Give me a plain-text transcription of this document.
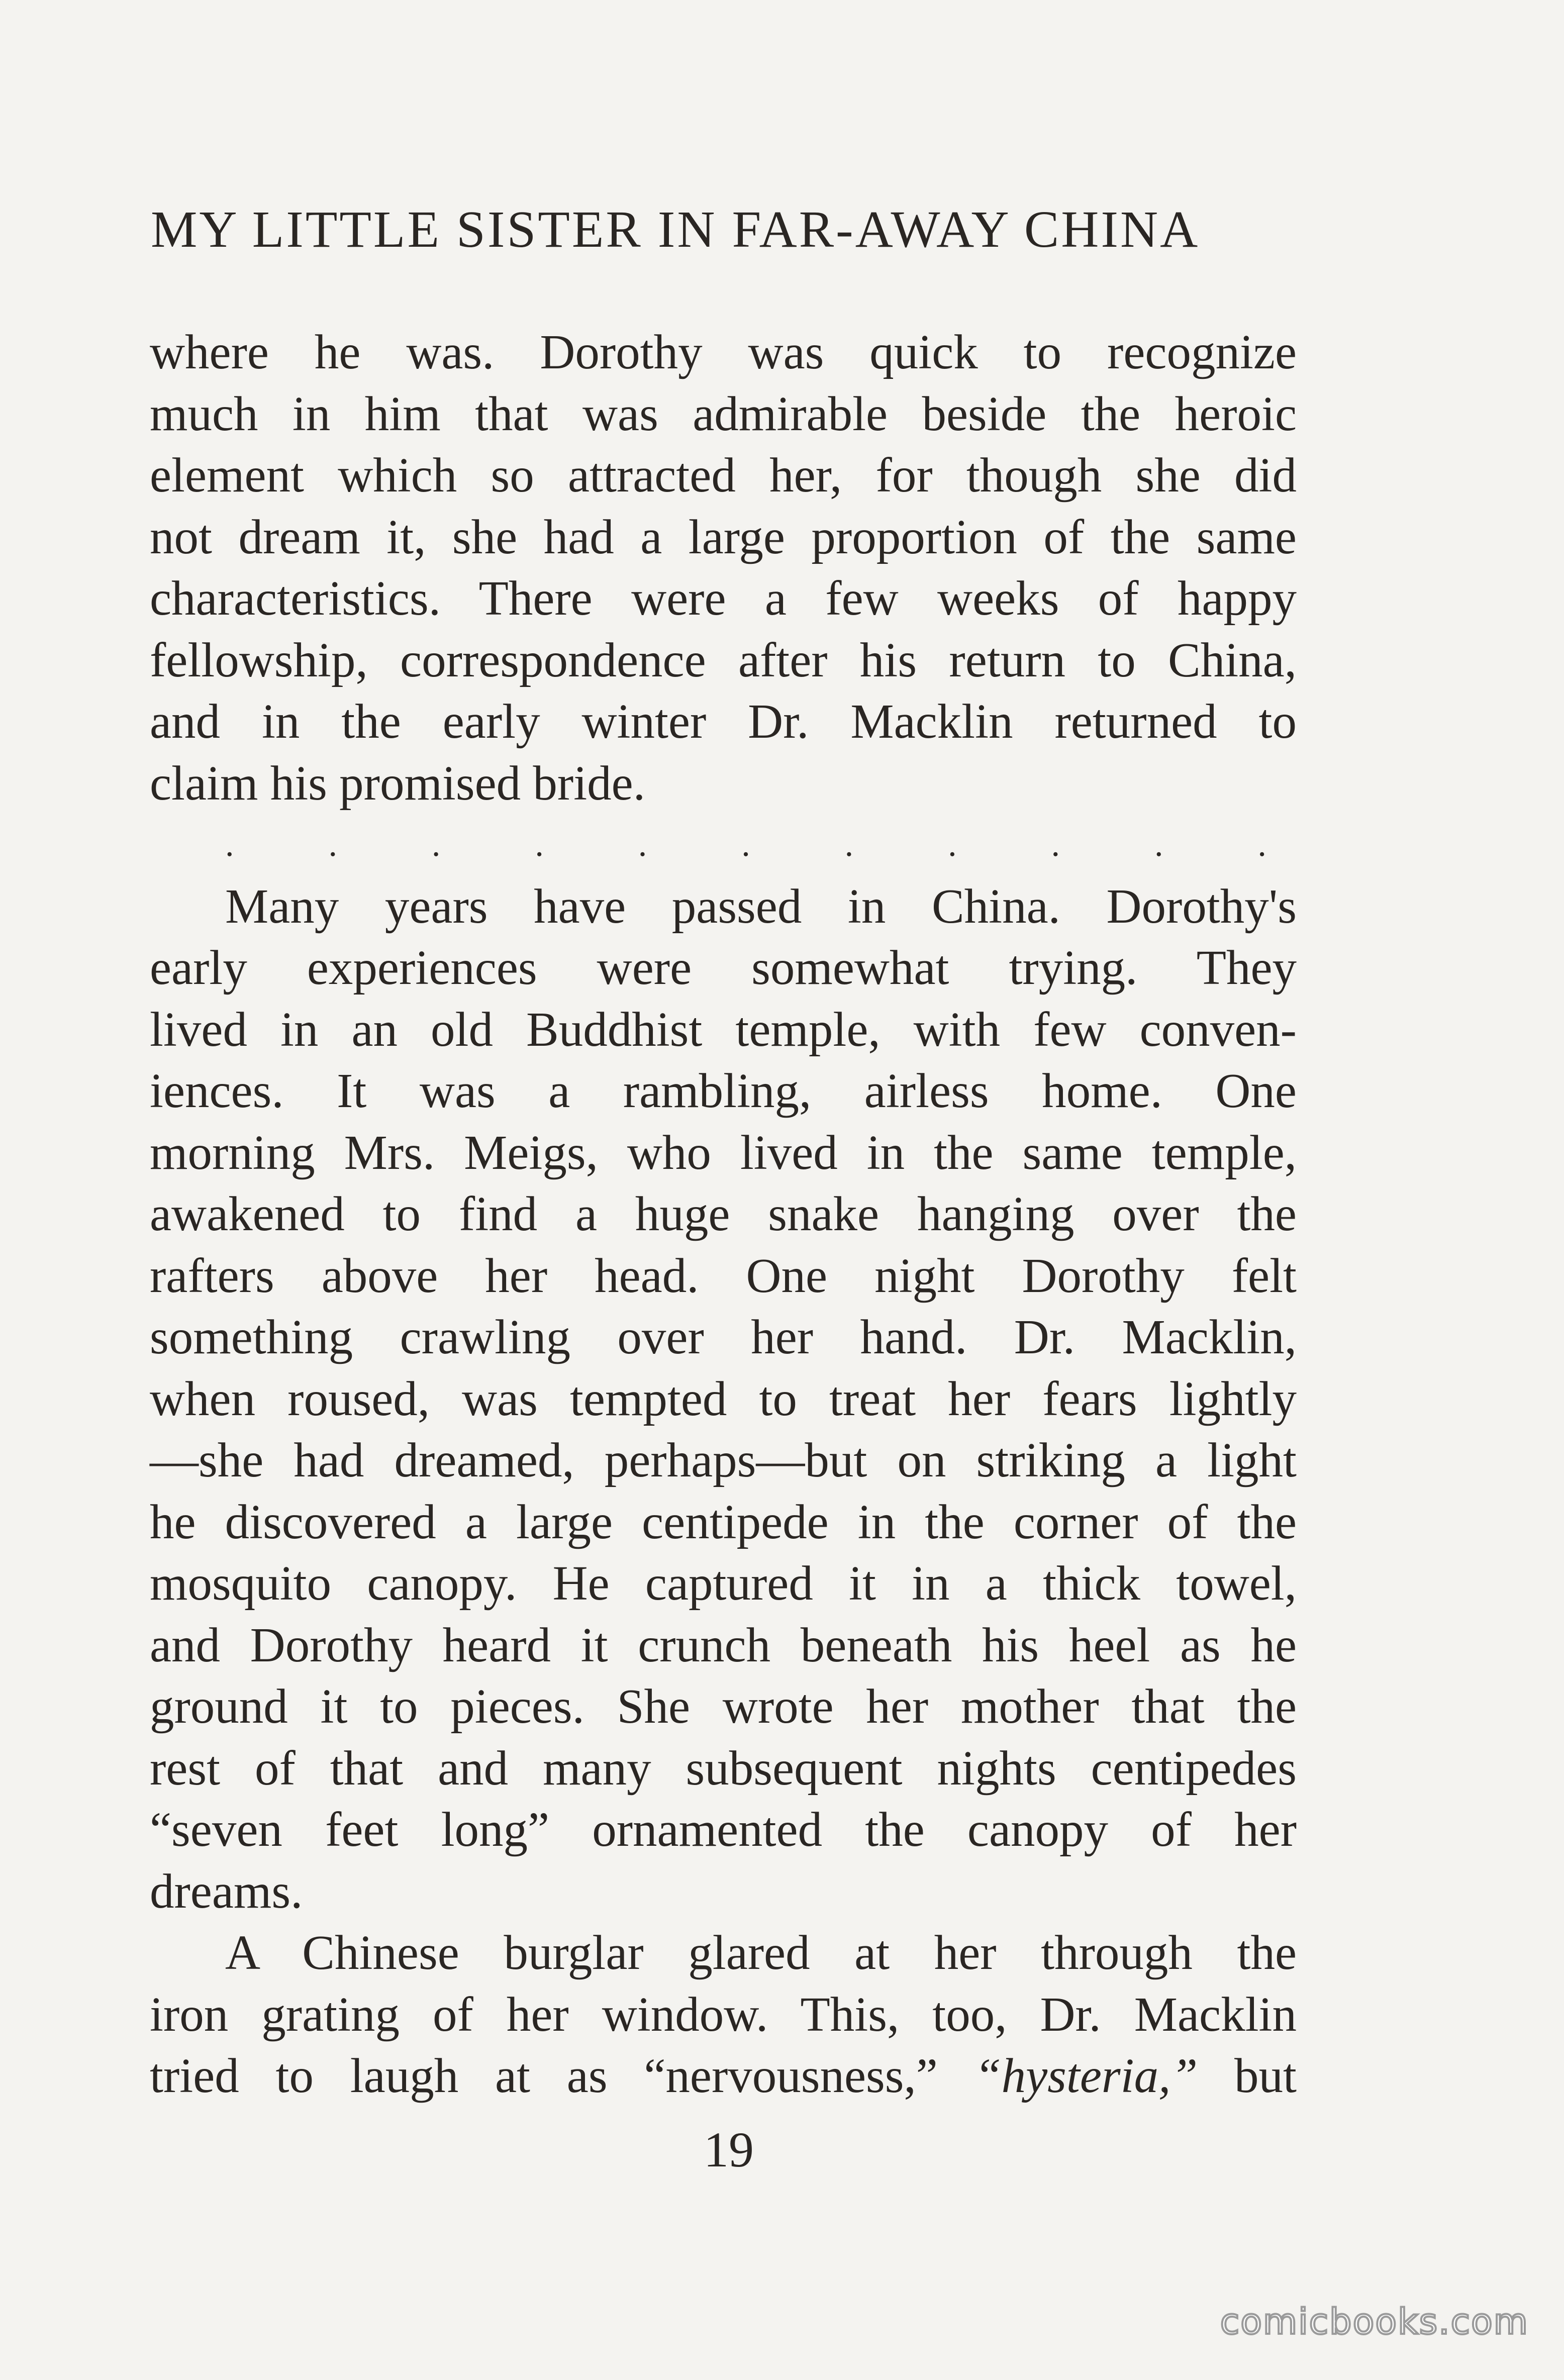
MY LITTLE SISTER IN FAR-AWAY CHINA
where he was. Dorothy was quick to recognize
much in him that was admirable beside the heroic
element which so attracted her, for though she did
not dream it, she had a large proportion of the same
characteristics. There were a few weeks of happy
fellowship, correspondence after his return to China,
and in the early winter Dr. Macklin returned to
claim his promised bride.
.	.	.	.	.	.	.	.	.	.	.
Many years have passed in China. Dorothy's
early experiences were somewhat trying. They
lived in an old Buddhist temple, with few conven-
iences. It was a rambling, airless home. One
morning Mrs. Meigs, who lived in the same temple,
awakened to find a huge snake hanging over the
rafters above her head. One night Dorothy felt
something crawling over her hand. Dr. Macklin,
when roused, was tempted to treat her fears lightly
—she had dreamed, perhaps—but on striking a light
he discovered a large centipede in the corner of the
mosquito canopy. He captured it in a thick towel,
and Dorothy heard it crunch beneath his heel as he
ground it to pieces. She wrote her mother that the
rest of that and many subsequent nights centipedes
“seven feet long” ornamented the canopy of her
dreams.
A Chinese burglar glared at her through the
iron grating of her window. This, too, Dr. Macklin
tried to laugh at as “nervousness,” “hysteria,” but
19
comicbooks.com
